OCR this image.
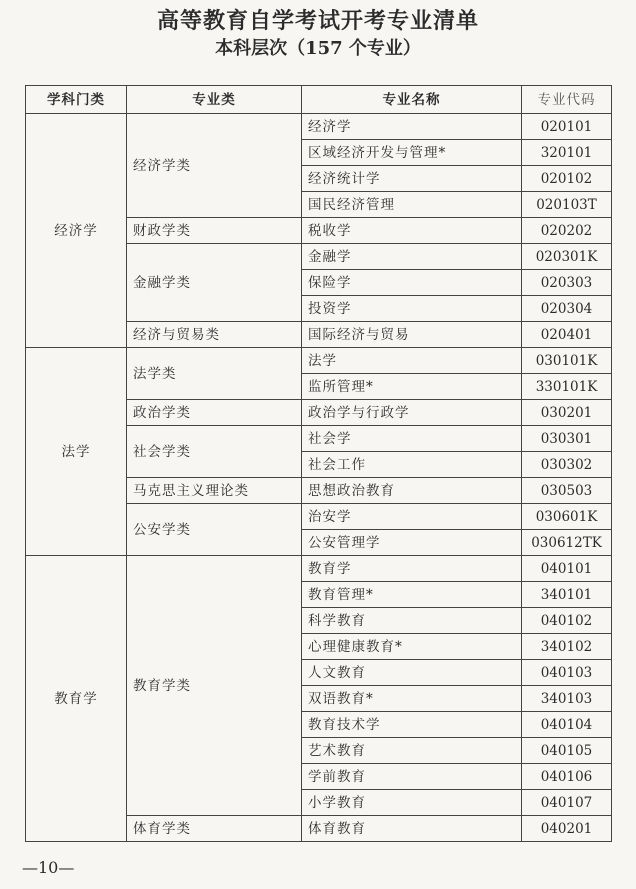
高等教育自学考试开考专业清单
本科层次（157 个专业）
学科门类	专业类	专业名称	专业代码
经济学	经济学类	经济学	020101
		区域经济开发与管理*	320101
		经济统计学	020102
		国民经济管理	020103T
	财政学类	税收学	020202
	金融学类	金融学	020301K
		保险学	020303
		投资学	020304
	经济与贸易类	国际经济与贸易	020401
法学	法学类	法学	030101K
		监所管理*	330101K
	政治学类	政治学与行政学	030201
	社会学类	社会学	030301
		社会工作	030302
	马克思主义理论类	思想政治教育	030503
	公安学类	治安学	030601K
		公安管理学	030612TK
教育学	教育学类	教育学	040101
		教育管理*	340101
		科学教育	040102
		心理健康教育*	340102
		人文教育	040103
		双语教育*	340103
		教育技术学	040104
		艺术教育	040105
		学前教育	040106
		小学教育	040107
	体育学类	体育教育	040201
—10—
